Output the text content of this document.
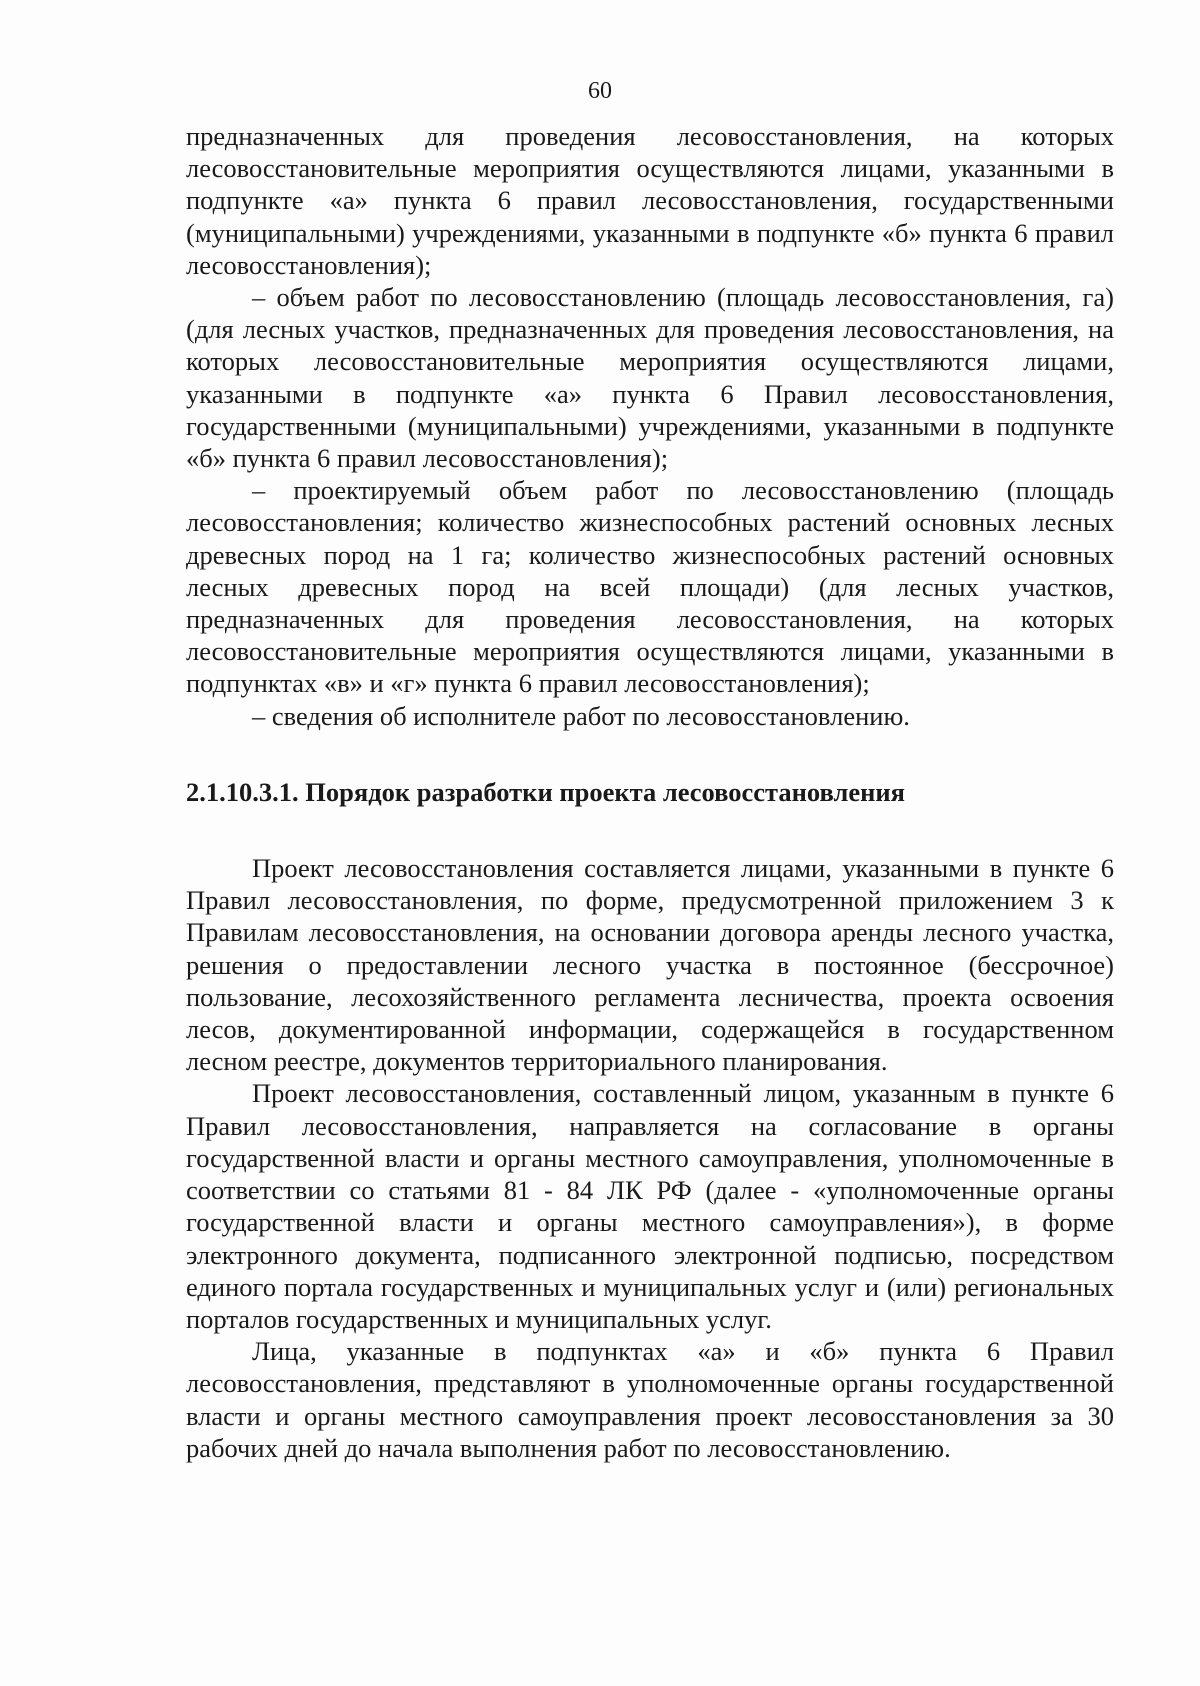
60

предназначенных для проведения лесовосстановления, на которых лесовосстановительные мероприятия осуществляются лицами, указанными в подпункте «а» пункта 6 правил лесовосстановления, государственными (муниципальными) учреждениями, указанными в подпункте «б» пункта 6 правил лесовосстановления);

– объем работ по лесовосстановлению (площадь лесовосстановления, га) (для лесных участков, предназначенных для проведения лесовосстановления, на которых лесовосстановительные мероприятия осуществляются лицами, указанными в подпункте «а» пункта 6 Правил лесовосстановления, государственными (муниципальными) учреждениями, указанными в подпункте «б» пункта 6 правил лесовосстановления);

– проектируемый объем работ по лесовосстановлению (площадь лесовосстановления; количество жизнеспособных растений основных лесных древесных пород на 1 га; количество жизнеспособных растений основных лесных древесных пород на всей площади) (для лесных участков, предназначенных для проведения лесовосстановления, на которых лесовосстановительные мероприятия осуществляются лицами, указанными в подпунктах «в» и «г» пункта 6 правил лесовосстановления);

– сведения об исполнителе работ по лесовосстановлению.

2.1.10.3.1. Порядок разработки проекта лесовосстановления

Проект лесовосстановления составляется лицами, указанными в пункте 6 Правил лесовосстановления, по форме, предусмотренной приложением 3 к Правилам лесовосстановления, на основании договора аренды лесного участка, решения о предоставлении лесного участка в постоянное (бессрочное) пользование, лесохозяйственного регламента лесничества, проекта освоения лесов, документированной информации, содержащейся в государственном лесном реестре, документов территориального планирования.

Проект лесовосстановления, составленный лицом, указанным в пункте 6 Правил лесовосстановления, направляется на согласование в органы государственной власти и органы местного самоуправления, уполномоченные в соответствии со статьями 81 - 84 ЛК РФ (далее - «уполномоченные органы государственной власти и органы местного самоуправления»), в форме электронного документа, подписанного электронной подписью, посредством единого портала государственных и муниципальных услуг и (или) региональных порталов государственных и муниципальных услуг.

Лица, указанные в подпунктах «а» и «б» пункта 6 Правил лесовосстановления, представляют в уполномоченные органы государственной власти и органы местного самоуправления проект лесовосстановления за 30 рабочих дней до начала выполнения работ по лесовосстановлению.
